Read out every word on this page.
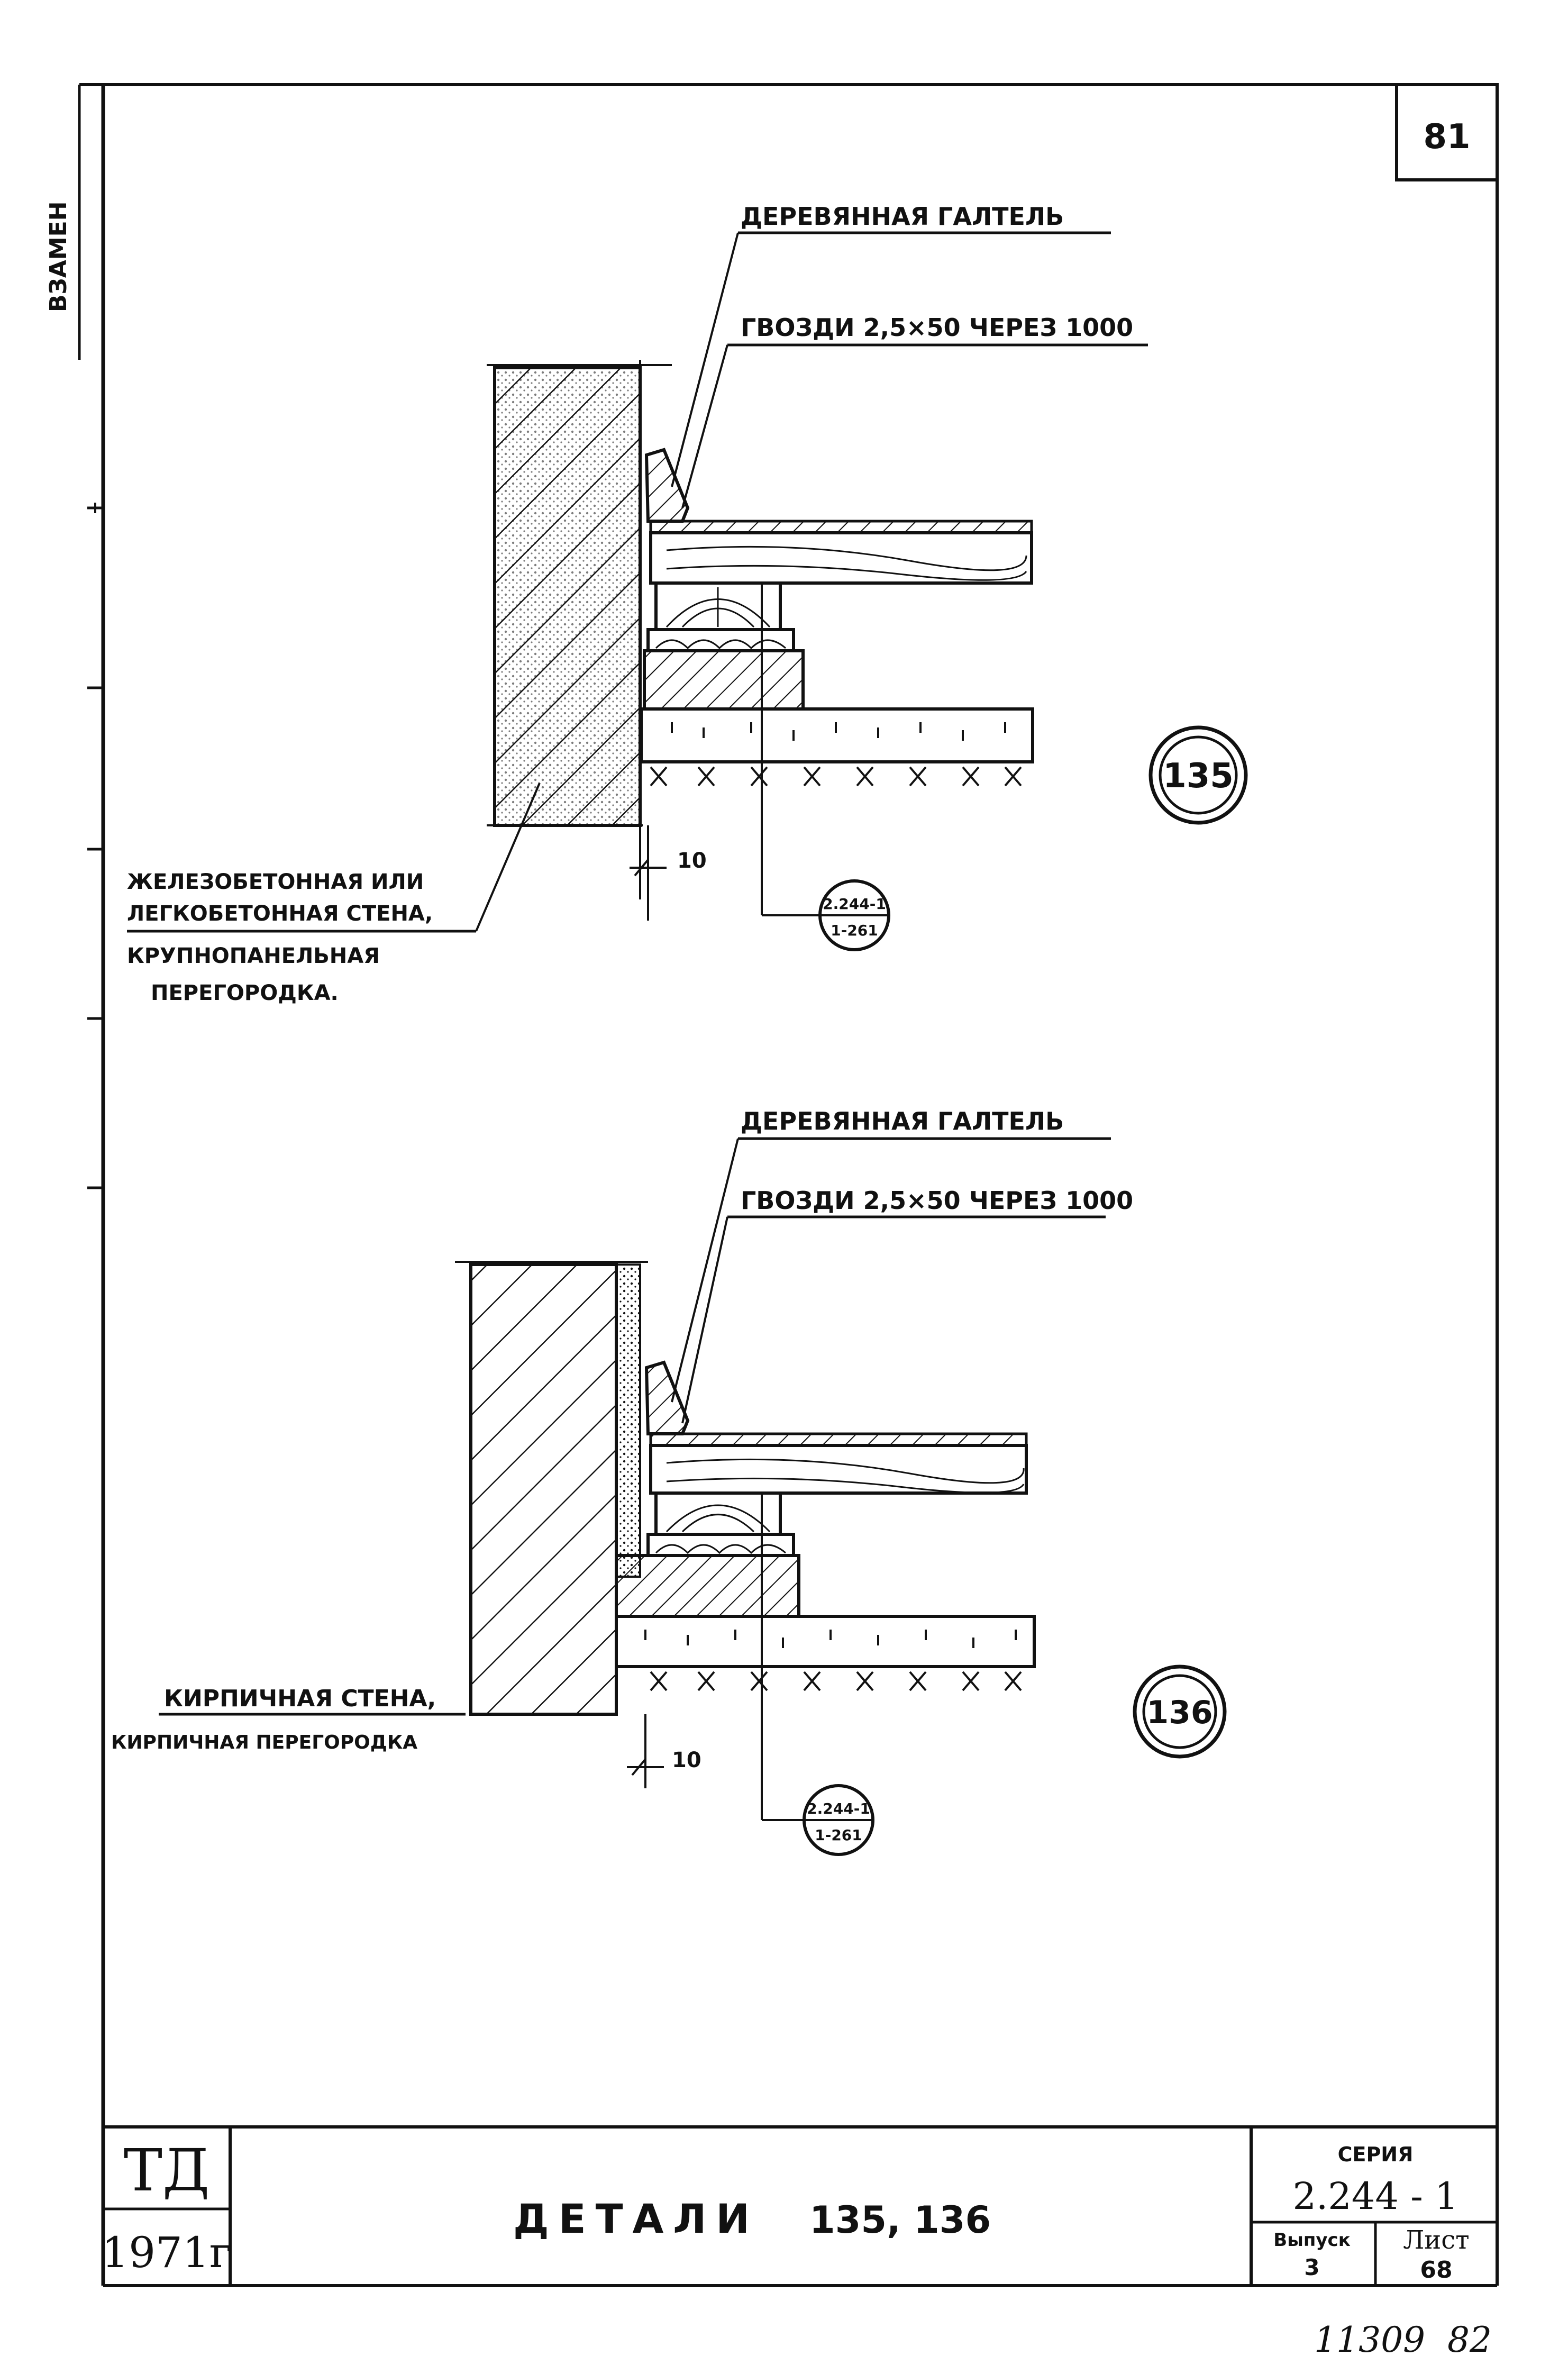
ВЗАМЕН
81
10
2.244-1
1-261
135
ДЕРЕВЯННАЯ ГАЛТЕЛЬ
ГВОЗДИ 2,5×50 ЧЕРЕЗ 1000
ЖЕЛЕЗОБЕТОННАЯ ИЛИ
ЛЕГКОБЕТОННАЯ СТЕНА,
КРУПНОПАНЕЛЬНАЯ
ПЕРЕГОРОДКА.
10
2.244-1
1-261
136
ДЕРЕВЯННАЯ ГАЛТЕЛЬ
ГВОЗДИ 2,5×50 ЧЕРЕЗ 1000
КИРПИЧНАЯ СТЕНА,
КИРПИЧНАЯ ПЕРЕГОРОДКА
ТД
1971г
ДЕТАЛИ 135, 136
СЕРИЯ
2.244 - 1
Выпуск
3
Лист
68
11309  82
